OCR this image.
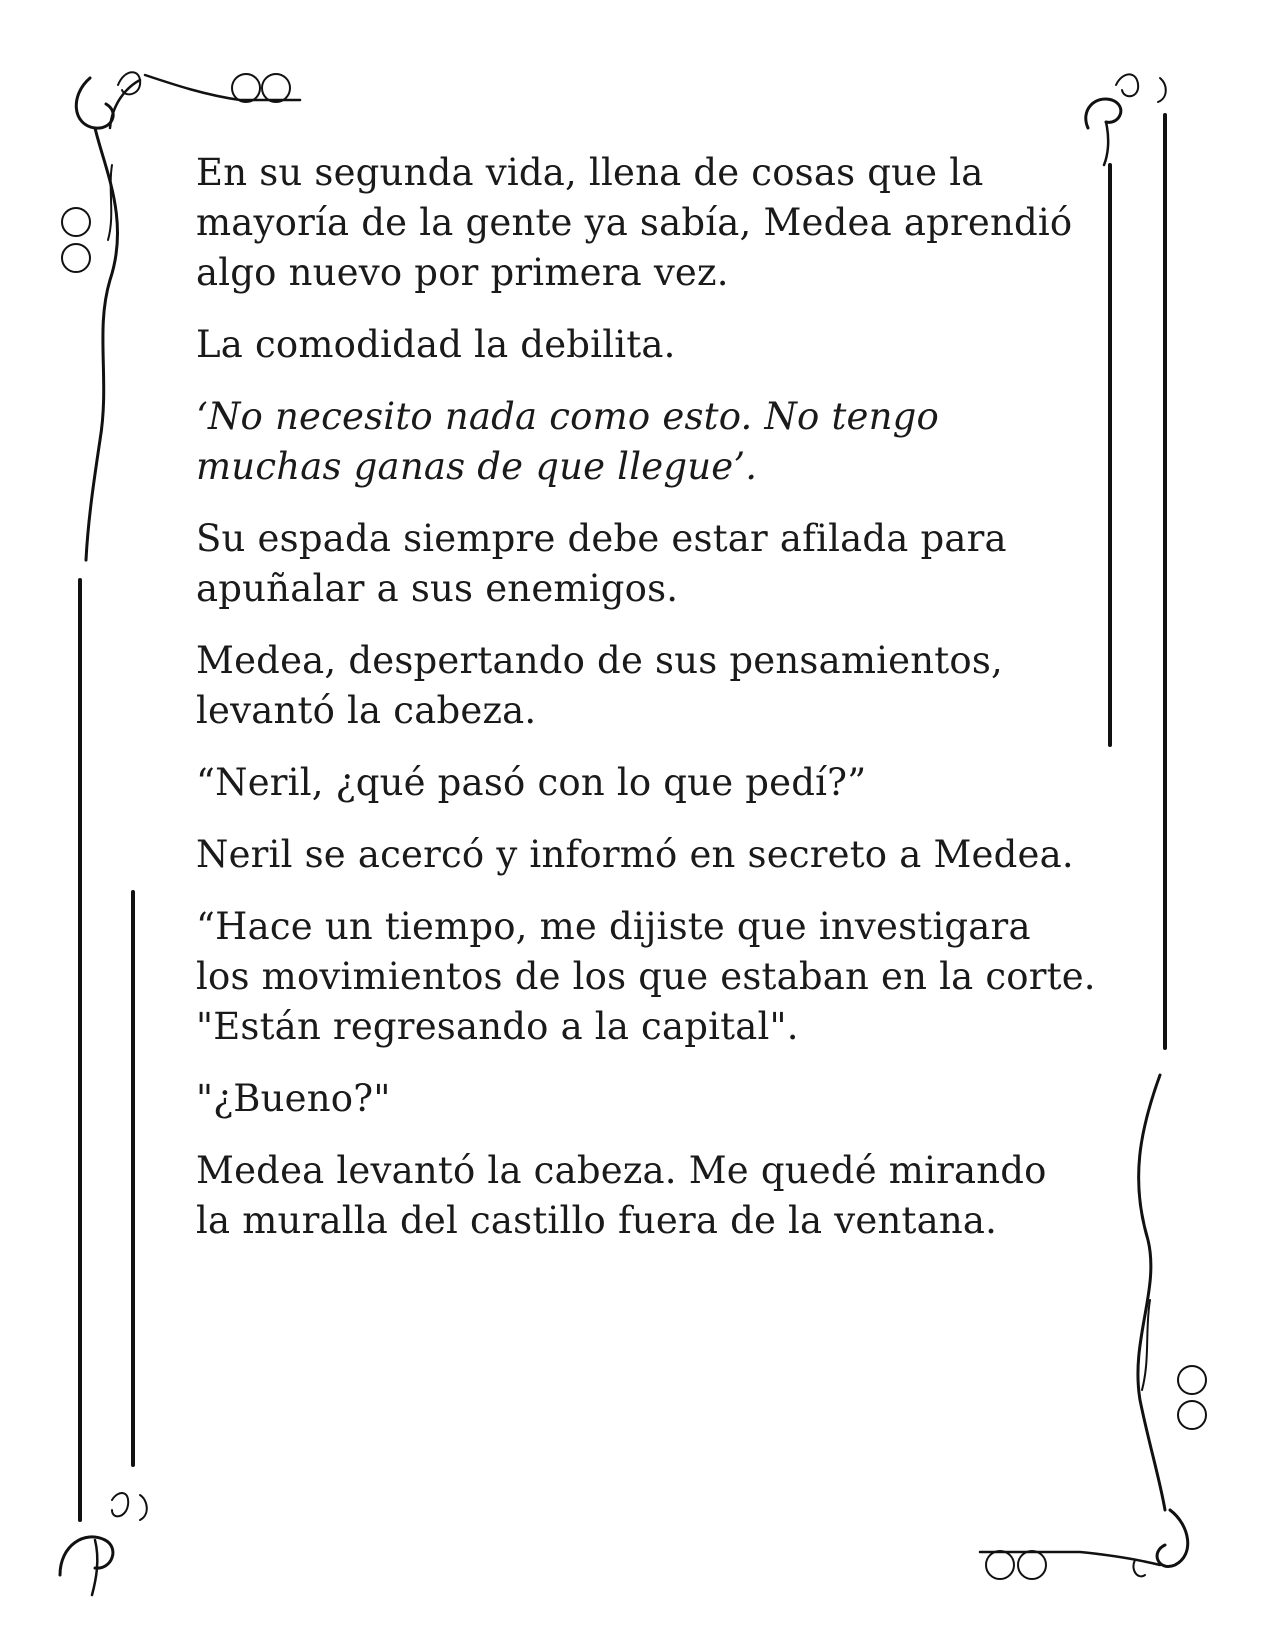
En su segunda vida, llena de cosas que la
mayoría de la gente ya sabía, Medea aprendió
algo nuevo por primera vez.

La comodidad la debilita.

‘No necesito nada como esto. No tengo
muchas ganas de que llegue’.

Su espada siempre debe estar afilada para
apuñalar a sus enemigos.

Medea, despertando de sus pensamientos,
levantó la cabeza.

“Neril, ¿qué pasó con lo que pedí?”

Neril se acercó y informó en secreto a Medea.

“Hace un tiempo, me dijiste que investigara
los movimientos de los que estaban en la corte.
"Están regresando a la capital".

"¿Bueno?"

Medea levantó la cabeza. Me quedé mirando
la muralla del castillo fuera de la ventana.
